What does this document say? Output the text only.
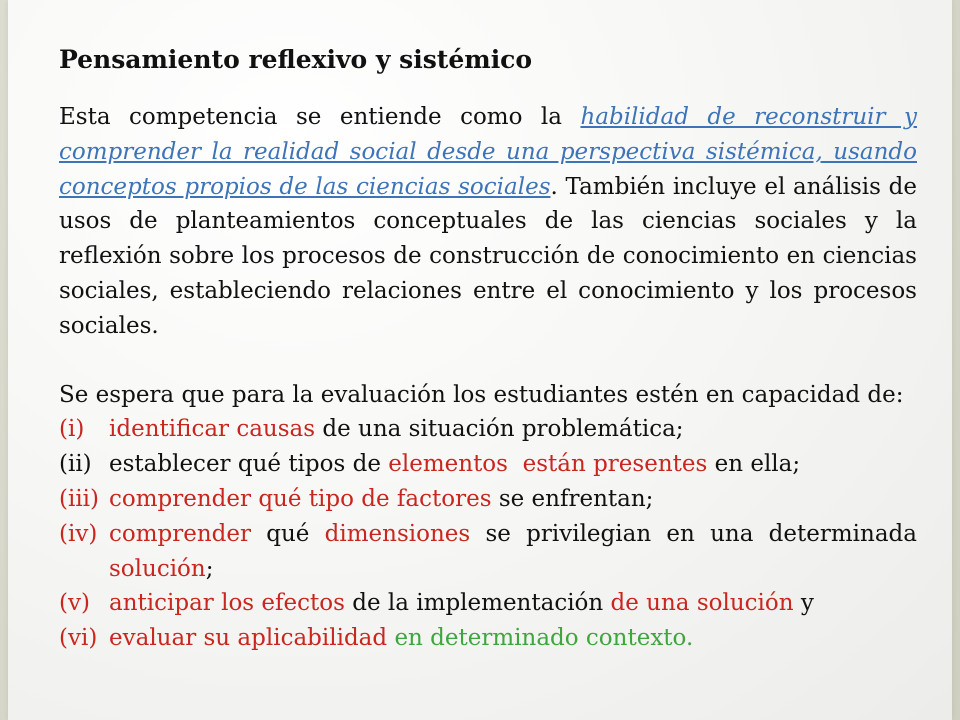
Pensamiento reflexivo y sistémico

Esta competencia se entiende como la habilidad de reconstruir y comprender la realidad social desde una perspectiva sistémica, usando conceptos propios de las ciencias sociales. También incluye el análisis de usos de planteamientos conceptuales de las ciencias sociales y la reflexión sobre los procesos de construcción de conocimiento en ciencias sociales, estableciendo relaciones entre el conocimiento y los procesos sociales.

Se espera que para la evaluación los estudiantes estén en capacidad de:

(i)	identificar causas de una situación problemática;
(ii) establecer qué tipos de elementos  están presentes en ella;
(iii) comprender qué tipo de factores se enfrentan;
(iv) comprender qué dimensiones se privilegian en una determinada solución;
(v) anticipar los efectos de la implementación de una solución y
(vi) evaluar su aplicabilidad en determinado contexto.
